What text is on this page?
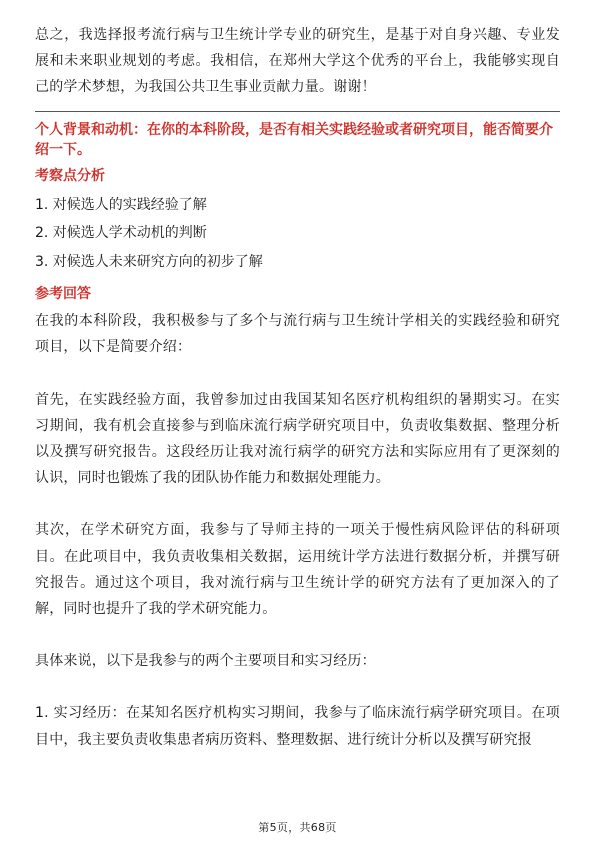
总之，我选择报考流行病与卫生统计学专业的研究生，是基于对自身兴趣、专业发展和未来职业规划的考虑。我相信，在郑州大学这个优秀的平台上，我能够实现自己的学术梦想，为我国公共卫生事业贡献力量。谢谢！

个人背景和动机：在你的本科阶段，是否有相关实践经验或者研究项目，能否简要介绍一下。
考察点分析
1. 对候选人的实践经验了解
2. 对候选人学术动机的判断
3. 对候选人未来研究方向的初步了解
参考回答

在我的本科阶段，我积极参与了多个与流行病与卫生统计学相关的实践经验和研究项目，以下是简要介绍：

首先，在实践经验方面，我曾参加过由我国某知名医疗机构组织的暑期实习。在实习期间，我有机会直接参与到临床流行病学研究项目中，负责收集数据、整理分析以及撰写研究报告。这段经历让我对流行病学的研究方法和实际应用有了更深刻的认识，同时也锻炼了我的团队协作能力和数据处理能力。

其次，在学术研究方面，我参与了导师主持的一项关于慢性病风险评估的科研项目。在此项目中，我负责收集相关数据，运用统计学方法进行数据分析，并撰写研究报告。通过这个项目，我对流行病与卫生统计学的研究方法有了更加深入的了解，同时也提升了我的学术研究能力。

具体来说，以下是我参与的两个主要项目和实习经历：

1. 实习经历：在某知名医疗机构实习期间，我参与了临床流行病学研究项目。在项目中，我主要负责收集患者病历资料、整理数据、进行统计分析以及撰写研究报

第5页，共68页
